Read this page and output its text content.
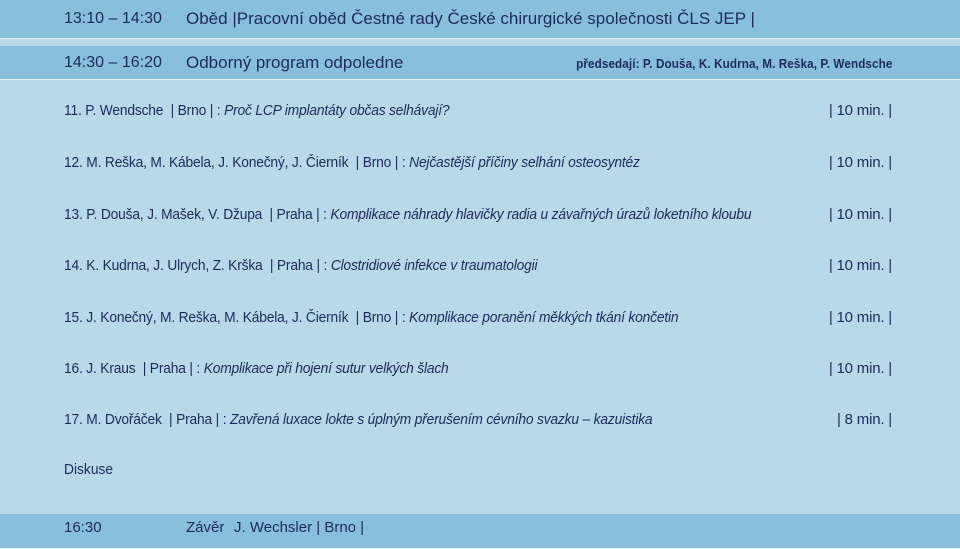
13:10 – 14:30 Oběd |Pracovní oběd Čestné rady České chirurgické společnosti ČLS JEP |
14:30 – 16:20 Odborný program odpoledne	předsedají: P. Douša, K. Kudrna, M. Reška, P. Wendsche
11. P. Wendsche  | Brno | : Proč LCP implantáty občas selhávají?	| 10 min. |
12. M. Reška, M. Kábela, J. Konečný, J. Čierník  | Brno | : Nejčastější příčiny selhání osteosyntéz	| 10 min. |
13. P. Douša, J. Mašek, V. Džupa  | Praha | : Komplikace náhrady hlavičky radia u závařných úrazů loketního kloubu	| 10 min. |
14. K. Kudrna, J. Ulrych, Z. Krška  | Praha | : Clostridiové infekce v traumatologii	| 10 min. |
15. J. Konečný, M. Reška, M. Kábela, J. Čierník  | Brno | : Komplikace poranění měkkých tkání končetin	| 10 min. |
16. J. Kraus  | Praha | : Komplikace při hojení sutur velkých šlach	| 10 min. |
17. M. Dvořáček  | Praha | : Zavřená luxace lokte s úplným přerušením cévního svazku – kazuistika	| 8 min. |
Diskuse
16:30	Závěr J. Wechsler | Brno |
